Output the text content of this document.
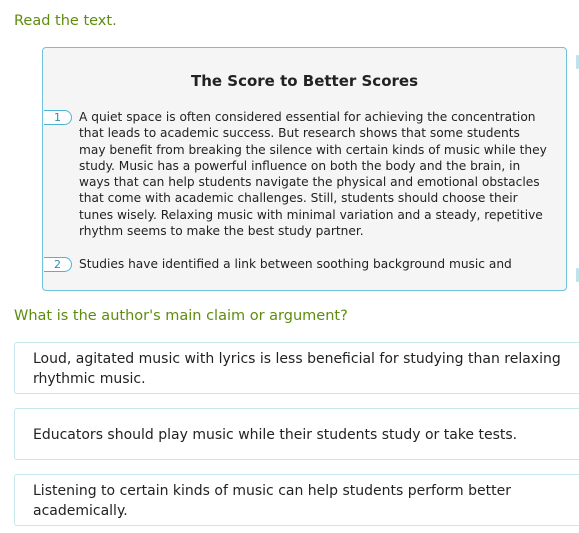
Read the text.

The Score to Better Scores
1	A quiet space is often considered essential for achieving the concentration that leads to academic success. But research shows that some students may benefit from breaking the silence with certain kinds of music while they study. Music has a powerful influence on both the body and the brain, in ways that can help students navigate the physical and emotional obstacles that come with academic challenges. Still, students should choose their tunes wisely. Relaxing music with minimal variation and a steady, repetitive rhythm seems to make the best study partner.
2	Studies have identified a link between soothing background music and

What is the author's main claim or argument?

Loud, agitated music with lyrics is less beneficial for studying than relaxing rhythmic music.
Educators should play music while their students study or take tests.
Listening to certain kinds of music can help students perform better academically.
